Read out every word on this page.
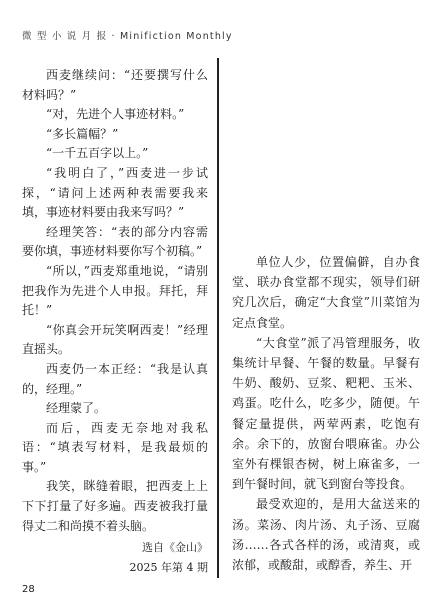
微 型 小 说 月 报 · Minifiction Monthly

西麦继续问：“还要撰写什么材料吗？”

“对，先进个人事迹材料。”

“多长篇幅？”

“一千五百字以上。”

“我明白了，”西麦进一步试探，“请问上述两种表需要我来填，事迹材料要由我来写吗？”

经理笑答：“表的部分内容需要你填，事迹材料要你写个初稿。”

“所以，”西麦郑重地说，“请别把我作为先进个人申报。拜托，拜托！”

“你真会开玩笑啊西麦！”经理直摇头。

西麦仍一本正经：“我是认真的，经理。”

经理蒙了。

而后，西麦无奈地对我私语：“填表写材料，是我最烦的事。”

我笑，眯缝着眼，把西麦上上下下打量了好多遍。西麦被我打量得丈二和尚摸不着头脑。

选自《金山》
2025 年第 4 期

单位人少，位置偏僻，自办食堂、联办食堂都不现实，领导们研究几次后，确定“大食堂”川菜馆为定点食堂。

“大食堂”派了冯管理服务，收集统计早餐、午餐的数量。早餐有牛奶、酸奶、豆浆、粑粑、玉米、鸡蛋。吃什么，吃多少，随便。午餐定量提供，两荤两素，吃饱有余。余下的，放窗台喂麻雀。办公室外有棵银杏树，树上麻雀多，一到午餐时间，就飞到窗台等投食。

最受欢迎的，是用大盆送来的汤。菜汤、肉片汤、丸子汤、豆腐汤……各式各样的汤，或清爽，或浓郁，或酸甜，或醇香，养生、开

28
